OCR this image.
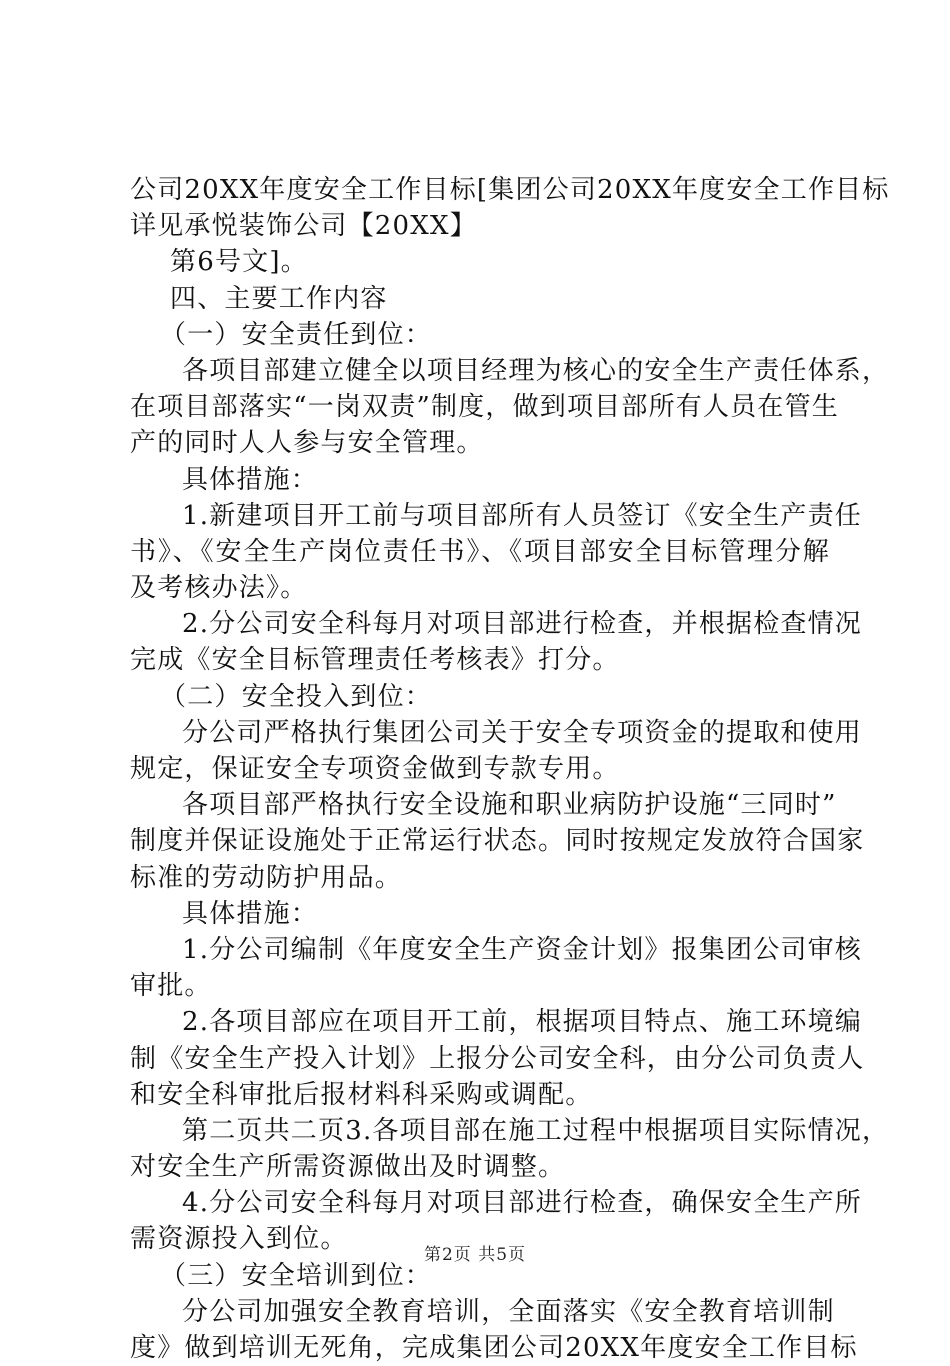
公司20XX年度安全工作目标[集团公司20XX年度安全工作目标
详见承悦装饰公司【20XX】
第6号文]。
四、主要工作内容
（一）安全责任到位：
各项目部建立健全以项目经理为核心的安全生产责任体系，
在项目部落实“一岗双责”制度，做到项目部所有人员在管生
产的同时人人参与安全管理。
具体措施：
1.新建项目开工前与项目部所有人员签订《安全生产责任
书》、《安全生产岗位责任书》、《项目部安全目标管理分解
及考核办法》。
2.分公司安全科每月对项目部进行检查，并根据检查情况
完成《安全目标管理责任考核表》打分。
（二）安全投入到位：
分公司严格执行集团公司关于安全专项资金的提取和使用
规定，保证安全专项资金做到专款专用。
各项目部严格执行安全设施和职业病防护设施“三同时”
制度并保证设施处于正常运行状态。同时按规定发放符合国家
标准的劳动防护用品。
具体措施：
1.分公司编制《年度安全生产资金计划》报集团公司审核
审批。
2.各项目部应在项目开工前，根据项目特点、施工环境编
制《安全生产投入计划》上报分公司安全科，由分公司负责人
和安全科审批后报材料科采购或调配。
第二页共二页3.各项目部在施工过程中根据项目实际情况，
对安全生产所需资源做出及时调整。
4.分公司安全科每月对项目部进行检查，确保安全生产所
需资源投入到位。
（三）安全培训到位：
分公司加强安全教育培训，全面落实《安全教育培训制
度》做到培训无死角，完成集团公司20XX年度安全工作目标
第2页 共5页
